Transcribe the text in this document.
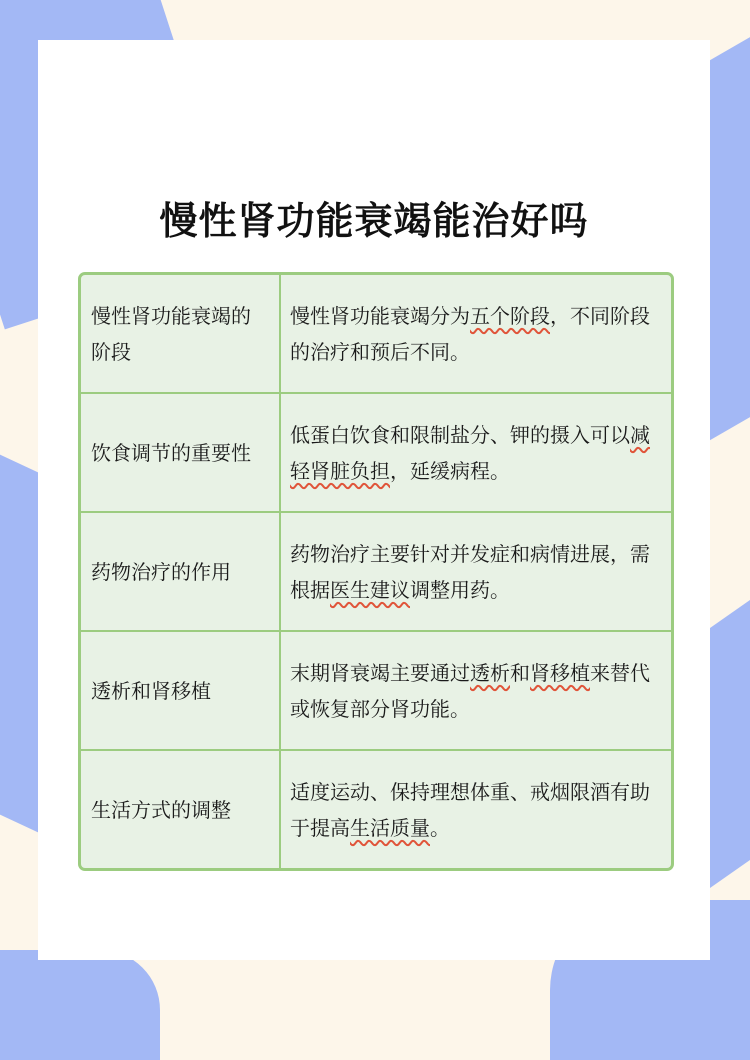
慢性肾功能衰竭能治好吗
慢性肾功能衰竭的阶段	慢性肾功能衰竭分为五个阶段，不同阶段的治疗和预后不同。
饮食调节的重要性	低蛋白饮食和限制盐分、钾的摄入可以减轻肾脏负担，延缓病程。
药物治疗的作用	药物治疗主要针对并发症和病情进展，需根据医生建议调整用药。
透析和肾移植	末期肾衰竭主要通过透析和肾移植来替代或恢复部分肾功能。
生活方式的调整	适度运动、保持理想体重、戒烟限酒有助于提高生活质量。
